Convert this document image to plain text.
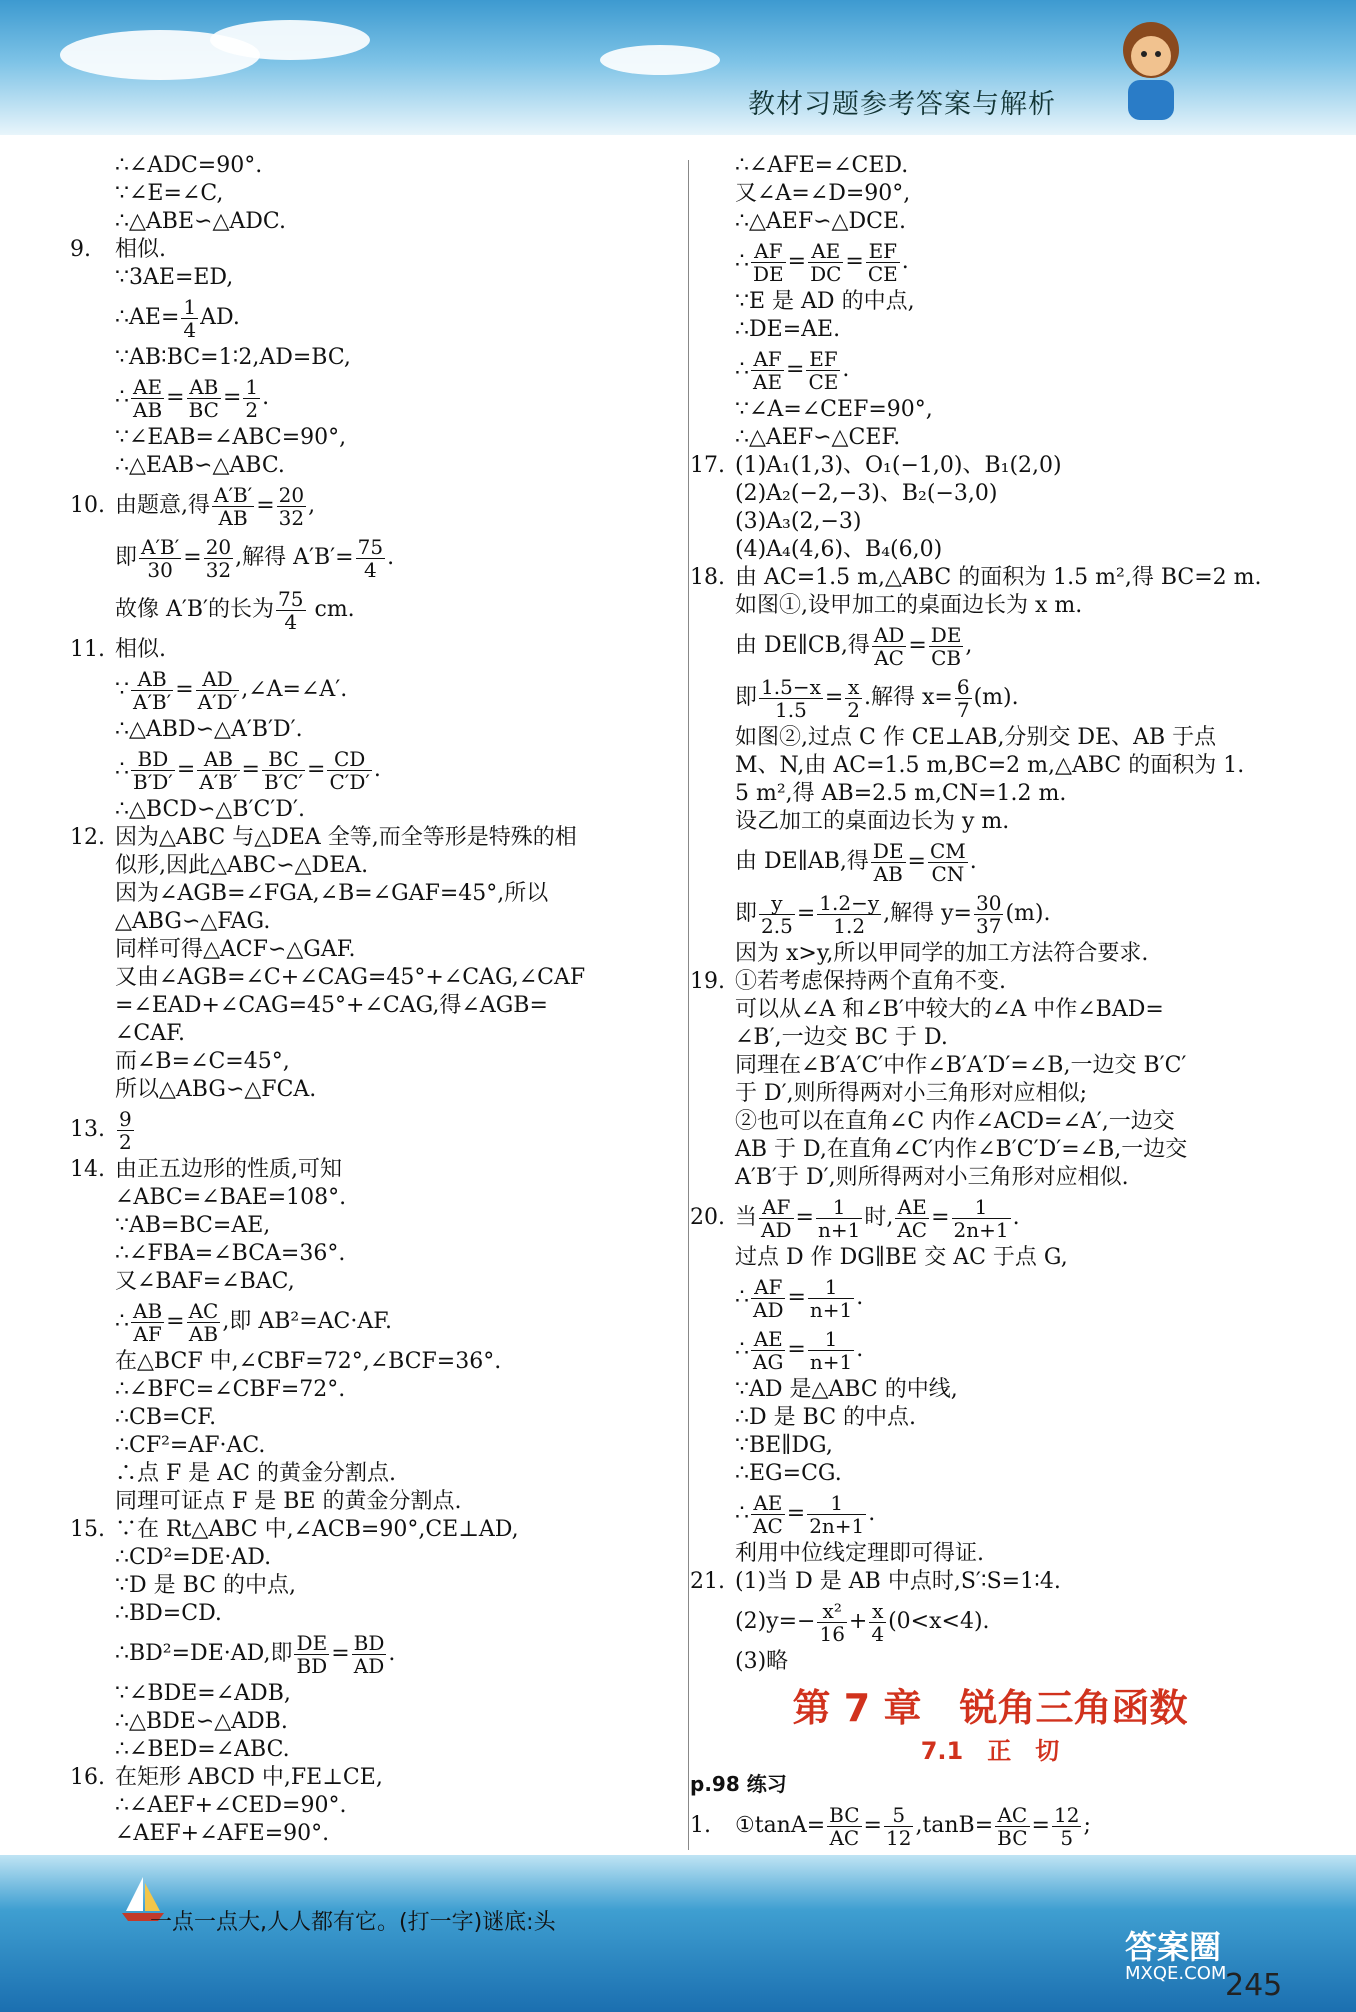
教材习题参考答案与解析
∴∠ADC=90°.
∵∠E=∠C,
∴△ABE∽△ADC.
9. 相似.
∵3AE=ED,
∴AE= $\frac{1}{4}$ AD.
∵AB∶BC=1∶2,AD=BC,
∴ $\frac{AE}{AB} = \frac{AB}{BC} = \frac{1}{2}$ .
∵∠EAB=∠ABC=90°,
∴△EAB∽△ABC.
10. 由题意,得 $\frac{A'B'}{AB} = \frac{20}{32}$ ,
即 $\frac{A'B'}{30} = \frac{20}{32}$ ,解得 $A'B'= \frac{75}{4}$ .
故像 A′B′的长为 $\frac{75}{4}$ cm.
11. 相似.
∵ $\frac{AB}{A'B'} = \frac{AD}{A'D'}$ ,∠A=∠A′.
∴△ABD∽△A′B′D′.
∴ $\frac{BD}{B'D'} = \frac{AB}{A'B'} = \frac{BC}{B'C'} = \frac{CD}{C'D'}$ .
∴△BCD∽△B′C′D′.
12. 因为△ABC 与△DEA 全等,而全等形是特殊的相
似形,因此△ABC∽△DEA.
因为∠AGB=∠FGA,∠B=∠GAF=45°,所以
△ABG∽△FAG.
同样可得△ACF∽△GAF.
又由∠AGB=∠C+∠CAG=45°+∠CAG,∠CAF
=∠EAD+∠CAG=45°+∠CAG,得∠AGB=
∠CAF.
而∠B=∠C=45°,
所以△ABG∽△FCA.
13. $\frac{9}{2}$
14. 由正五边形的性质,可知
∠ABC=∠BAE=108°.
∵AB=BC=AE,
∴∠FBA=∠BCA=36°.
又∠BAF=∠BAC,
∴ $\frac{AB}{AF} = \frac{AC}{AB}$ ,即 AB²=AC·AF.
在△BCF 中,∠CBF=72°,∠BCF=36°.
∴∠BFC=∠CBF=72°.
∴CB=CF.
∴CF²=AF·AC.
∴点 F 是 AC 的黄金分割点.
同理可证点 F 是 BE 的黄金分割点.
15. ∵在 Rt△ABC 中,∠ACB=90°,CE⊥AD,
∴CD²=DE·AD.
∵D 是 BC 的中点,
∴BD=CD.
∴BD²=DE·AD,即 $\frac{DE}{BD} = \frac{BD}{AD}$ .
∵∠BDE=∠ADB,
∴△BDE∽△ADB.
∴∠BED=∠ABC.
16. 在矩形 ABCD 中,FE⊥CE,
∴∠AEF+∠CED=90°.
∠AEF+∠AFE=90°.
∴∠AFE=∠CED.
又∠A=∠D=90°,
∴△AEF∽△DCE.
∴ $\frac{AF}{DE} = \frac{AE}{DC} = \frac{EF}{CE}$ .
∵E 是 AD 的中点,
∴DE=AE.
∴ $\frac{AF}{AE} = \frac{EF}{CE}$ .
∵∠A=∠CEF=90°,
∴△AEF∽△CEF.
17. (1)A₁(1,3)、O₁(−1,0)、B₁(2,0)
(2)A₂(−2,−3)、B₂(−3,0)
(3)A₃(2,−3)
(4)A₄(4,6)、B₄(6,0)
18. 由 AC=1.5 m,△ABC 的面积为 1.5 m²,得 BC=2 m.
如图①,设甲加工的桌面边长为 x m.
由 DE∥CB,得 $\frac{AD}{AC} = \frac{DE}{CB}$ ,
即 $\frac{1.5-x}{1.5} = \frac{x}{2}$ .解得 $x= \frac{6}{7} (m)$.
如图②,过点 C 作 CE⊥AB,分别交 DE、AB 于点
M、N,由 AC=1.5 m,BC=2 m,△ABC 的面积为 1.
5 m²,得 AB=2.5 m,CN=1.2 m.
设乙加工的桌面边长为 y m.
由 DE∥AB,得 $\frac{DE}{AB} = \frac{CM}{CN}$ .
即 $\frac{y}{2.5} = \frac{1.2-y}{1.2}$ ,解得 $y= \frac{30}{37} (m)$.
因为 x>y,所以甲同学的加工方法符合要求.
19. ①若考虑保持两个直角不变.
可以从∠A 和∠B′中较大的∠A 中作∠BAD=
∠B′,一边交 BC 于 D.
同理在∠B′A′C′中作∠B′A′D′=∠B,一边交 B′C′
于 D′,则所得两对小三角形对应相似;
②也可以在直角∠C 内作∠ACD=∠A′,一边交
AB 于 D,在直角∠C′内作∠B′C′D′=∠B,一边交
A′B′于 D′,则所得两对小三角形对应相似.
20. 当 $\frac{AF}{AD} = \frac{1}{n+1}$ 时, $\frac{AE}{AC} = \frac{1}{2n+1}$ .
过点 D 作 DG∥BE 交 AC 于点 G,
∴ $\frac{AF}{AD} = \frac{1}{n+1}$ .
∴ $\frac{AE}{AG} = \frac{1}{n+1}$ .
∵AD 是△ABC 的中线,
∴D 是 BC 的中点.
∵BE∥DG,
∴EG=CG.
∴ $\frac{AE}{AC} = \frac{1}{2n+1}$ .
利用中位线定理即可得证.
21. (1)当 D 是 AB 中点时,S′∶S=1∶4.
$(2)y=- \frac{\text{x²}}{16} + \frac{x}{4} (0<x<4)$.
(3)略
第 7 章　锐角三角函数
7.1　正　切
p.98 练习
1. ①tanA= $\frac{BC}{AC} = \frac{5}{12} ,\tan B= \frac{AC}{BC} = \frac{12}{5}$ ;
一点一点大,人人都有它。(打一字)谜底:头
245
答案圈
MXQE.COM
